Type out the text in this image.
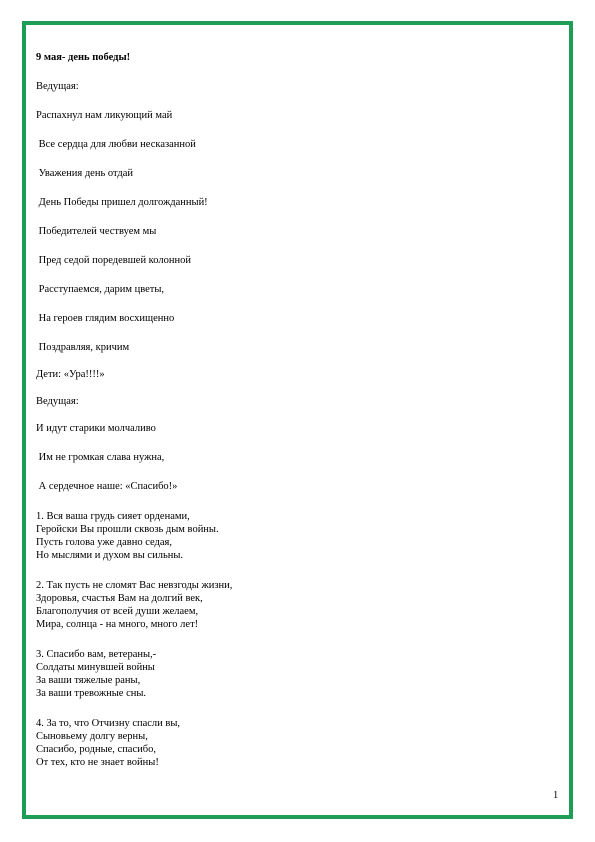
9 мая- день победы!

Ведущая:

Распахнул нам ликующий май

Все сердца для любви несказанной

Уважения день отдай

День Победы пришел долгожданный!

Победителей чествуем мы

Пред седой поредевшей колонной

Расступаемся, дарим цветы,

На героев глядим восхищенно

Поздравляя, кричим

Дети: «Ура!!!!»

Ведущая:

И идут старики молчаливо

Им не громкая слава нужна,

А сердечное наше: «Спасибо!»

1. Вся ваша грудь сияет орденами,
Геройски Вы прошли сквозь дым войны.
Пусть голова уже давно седая,
Но мыслями и духом вы сильны.
2. Так пусть не сломят Вас невзгоды жизни,
Здоровья, счастья Вам на долгий век,
Благополучия от всей души желаем,
Мира, солнца - на много, много лет!
3. Спасибо вам, ветераны,-
Солдаты минувшей войны
За ваши тяжелые раны,
За ваши тревожные сны.
4. За то, что Отчизну спасли вы,
Сыновьему долгу верны,
Спасибо, родные, спасибо,
От тех, кто не знает войны!
1
